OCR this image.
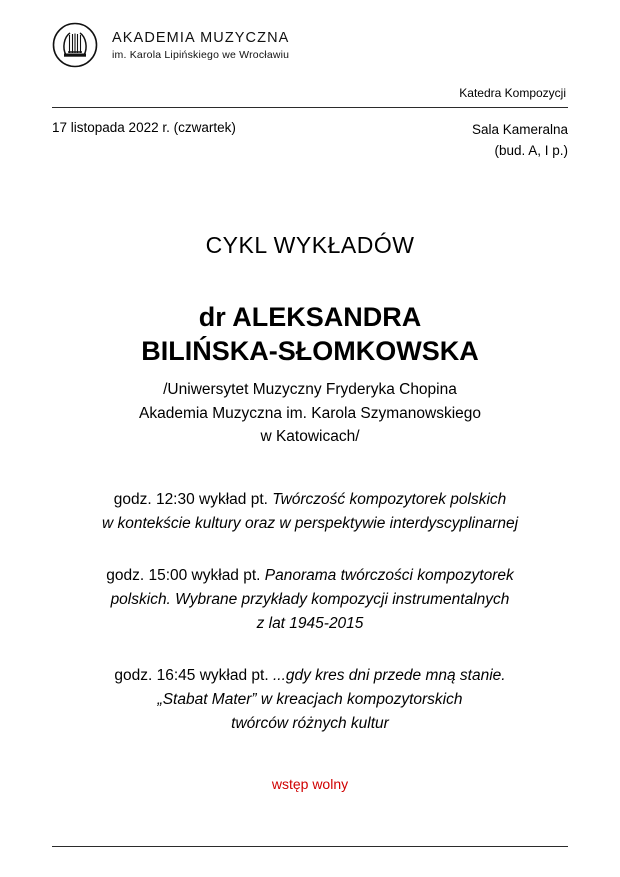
AKADEMIA MUZYCZNA
im. Karola Lipińskiego we Wrocławiu
Katedra Kompozycji
17 listopada 2022 r. (czwartek)	Sala Kameralna
(bud. A, I p.)
CYKL WYKŁADÓW
dr ALEKSANDRA
BILIŃSKA-SŁOMKOWSKA
/Uniwersytet Muzyczny Fryderyka Chopina
Akademia Muzyczna im. Karola Szymanowskiego
w Katowicach/
godz. 12:30 wykład pt. Twórczość kompozytorek polskich
w kontekście kultury oraz w perspektywie interdyscyplinarnej
godz. 15:00 wykład pt. Panorama twórczości kompozytorek
polskich. Wybrane przykłady kompozycji instrumentalnych
z lat 1945-2015
godz. 16:45 wykład pt. ...gdy kres dni przede mną stanie.
„Stabat Mater” w kreacjach kompozytorskich
twórców różnych kultur
wstęp wolny
